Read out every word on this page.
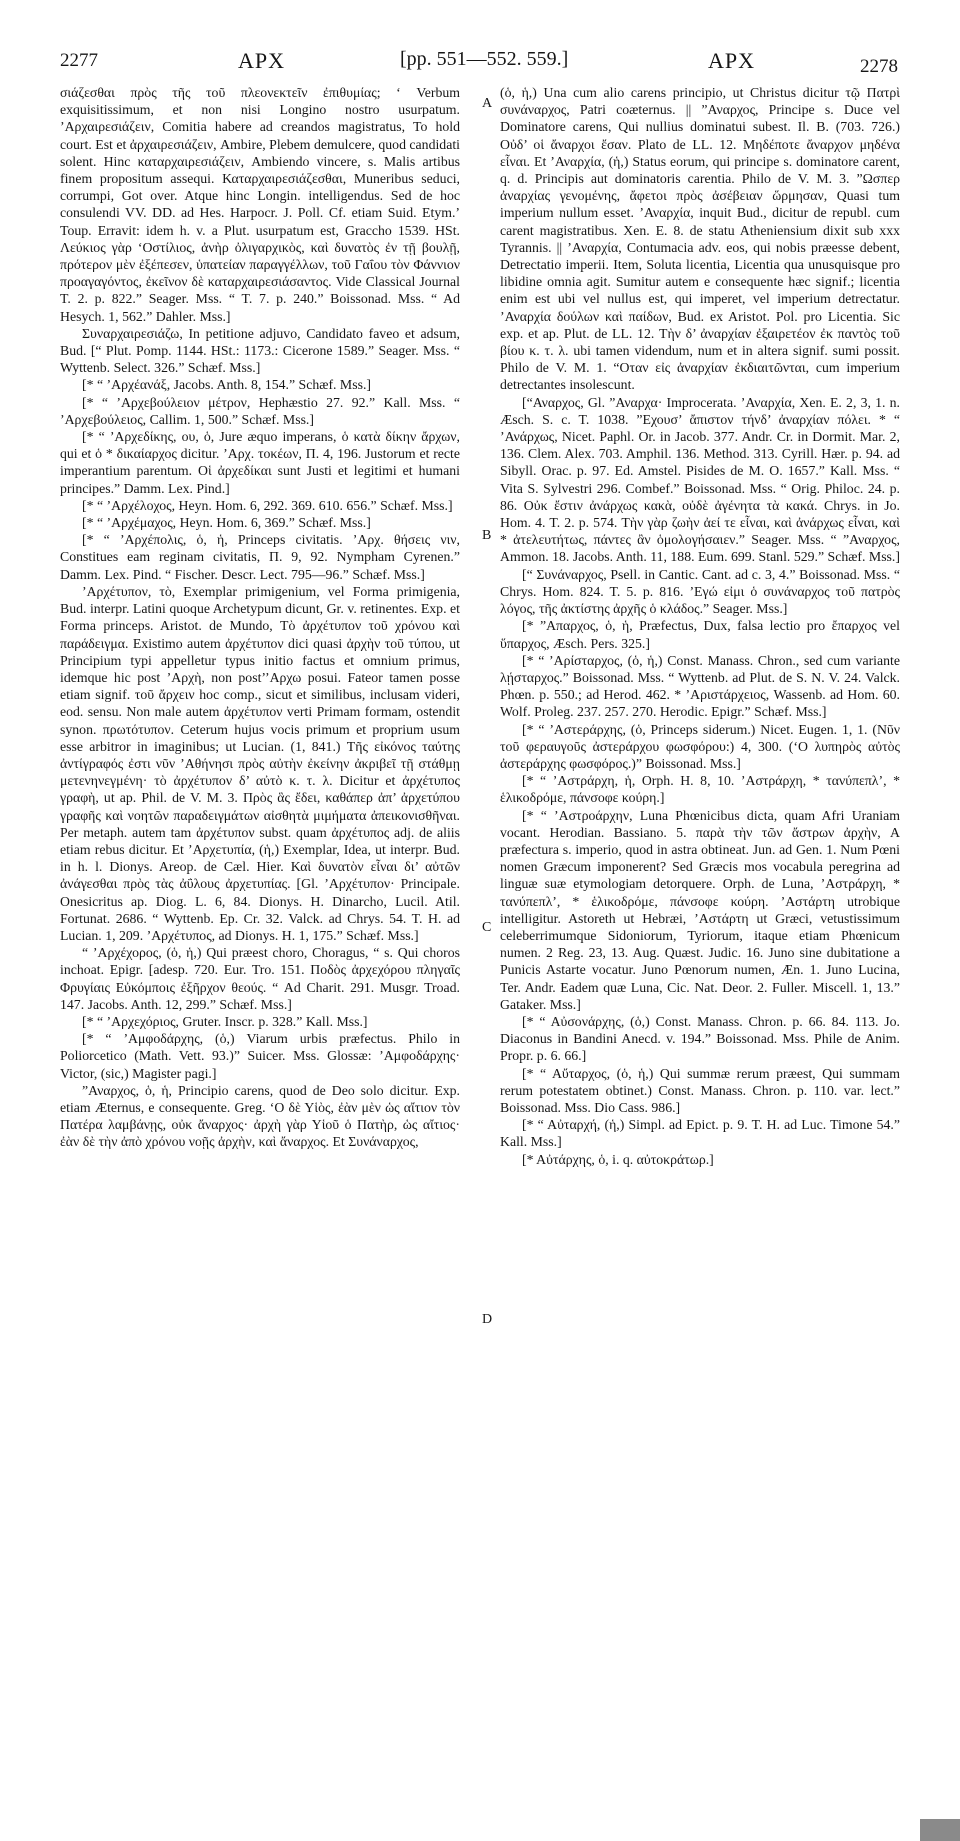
2277	ΑΡΧ	[pp. 551—552. 559.]	ΑΡΧ	2278

σιάζεσθαι πρὸς τῆς τοῦ πλεονεκτεῖν ἐπιθυμίας; ‘ Verbum exquisitissimum, et non nisi Longino nostro usurpatum. ’Αρχαιρεσιάζειν, Comitia habere ad creandos magistratus, To hold court. Est et ἀρχαιρεσιάζειν, Ambire, Plebem demulcere, quod candidati solent. Hinc καταρχαιρεσιάζειν, Ambiendo vincere, s. Malis artibus finem propositum assequi. Καταρχαιρεσιάζεσθαι, Muneribus seduci, corrumpi, Got over. Atque hinc Longin. intelligendus. Sed de hoc consulendi VV. DD. ad Hes. Harpocr. J. Poll. Cf. etiam Suid. Etym.’ Toup. Erravit: idem h. v. a Plut. usurpatum est, Graccho 1539. HSt. Λεύκιος γὰρ ‘Οστίλιος, ἀνὴρ ὀλιγαρχικὸς, καὶ δυνατὸς ἐν τῇ βουλῇ, πρότερον μὲν ἐξέπεσεν, ὑπατείαν παραγγέλλων, τοῦ Γαΐου τὸν Φάννιον προαγαγόντος, ἐκεῖνον δὲ καταρχαιρεσιάσαντος. Vide Classical Journal T. 2. p. 822.” Seager. Mss. “ T. 7. p. 240.” Boissonad. Mss. “ Ad Hesych. 1, 562.” Dahler. Mss.]

Συναρχαιρεσιάζω, In petitione adjuvo, Candidato faveo et adsum, Bud. [“ Plut. Pomp. 1144. HSt.: 1173.: Cicerone 1589.” Seager. Mss. “ Wyttenb. Select. 326.” Schæf. Mss.]

[* “ ’Αρχέανάξ, Jacobs. Anth. 8, 154.” Schæf. Mss.]

[* “ ’Αρχεβούλειον μέτρον, Hephæstio 27. 92.” Kall. Mss. “ ’Αρχεβούλειος, Callim. 1, 500.” Schæf. Mss.]

[* “ ’Αρχεδίκης, ου, ὁ, Jure æquo imperans, ὁ κατὰ δίκην ἄρχων, qui et ὁ * δικαίαρχος dicitur. ’Αρχ. τοκέων, Π. 4, 196. Justorum et recte imperantium parentum. Οἱ ἀρχεδίκαι sunt Justi et legitimi et humani principes.” Damm. Lex. Pind.]

[* “ ’Αρχέλοχος, Heyn. Hom. 6, 292. 369. 610. 656.” Schæf. Mss.]

[* “ ’Αρχέμαχος, Heyn. Hom. 6, 369.” Schæf. Mss.]

[* “ ’Αρχέπολις, ὁ, ἡ, Princeps civitatis. ’Αρχ. θήσεις νιν, Constitues eam reginam civitatis, Π. 9, 92. Nympham Cyrenen.” Damm. Lex. Pind. “ Fischer. Descr. Lect. 795—96.” Schæf. Mss.]

’Αρχέτυπον, τὸ, Exemplar primigenium, vel Forma primigenia, Bud. interpr. Latini quoque Archetypum dicunt, Gr. v. retinentes. Exp. et Forma princeps. Aristot. de Mundo, Τὸ ἀρχέτυπον τοῦ χρόνου καὶ παράδειγμα. Existimo autem ἀρχέτυπον dici quasi ἀρχὴν τοῦ τύπου, ut Principium typi appelletur typus initio factus et omnium primus, idemque hic post ’Αρχὴ, non post’’Αρχω posui. Fateor tamen posse etiam signif. τοῦ ἄρχειν hoc comp., sicut et similibus, inclusam videri, eod. sensu. Non male autem ἀρχέτυπον verti Primam formam, ostendit synon. πρωτότυπον. Ceterum hujus vocis primum et proprium usum esse arbitror in imaginibus; ut Lucian. (1, 841.) Τῆς εἰκόνος ταύτης ἀντίγραφός ἐστι νῦν ’Αθήνησι πρὸς αὐτὴν ἐκείνην ἀκριβεῖ τῇ στάθμῃ μετενηνεγμένη· τὸ ἀρχέτυπον δ’ αὐτὸ κ. τ. λ. Dicitur et ἀρχέτυπος γραφὴ, ut ap. Phil. de V. M. 3. Πρὸς ἃς ἔδει, καθάπερ ἀπ’ ἀρχετύπου γραφῆς καὶ νοητῶν παραδειγμάτων αἰσθητὰ μιμήματα ἀπεικονισθῆναι. Per metaph. autem tam ἀρχέτυπον subst. quam ἀρχέτυπος adj. de aliis etiam rebus dicitur. Et ’Αρχετυπία, (ἡ,) Exemplar, Idea, ut interpr. Bud. in h. l. Dionys. Areop. de Cæl. Hier. Καὶ δυνατὸν εἶναι δι’ αὐτῶν ἀνάγεσθαι πρὸς τὰς ἀΰλους ἀρχετυπίας. [Gl. ’Αρχέτυπον· Principale. Onesicritus ap. Diog. L. 6, 84. Dionys. H. Dinarcho, Lucil. Atil. Fortunat. 2686. “ Wyttenb. Ep. Cr. 32. Valck. ad Chrys. 54. T. H. ad Lucian. 1, 209. ’Αρχέτυπος, ad Dionys. H. 1, 175.” Schæf. Mss.]

“ ’Αρχέχορος, (ὁ, ἡ,) Qui præest choro, Choragus, “ s. Qui choros inchoat. Epigr. [adesp. 720. Eur. Tro. 151. Ποδὸς ἀρχεχόρου πληγαῖς Φρυγίαις Εὐκόμποις ἐξῆρχον θεούς. “ Ad Charit. 291. Musgr. Troad. 147. Jacobs. Anth. 12, 299.” Schæf. Mss.]

[* “ ’Αρχεχόριος, Gruter. Inscr. p. 328.” Kall. Mss.]

[* “ ’Αμφοδάρχης, (ὁ,) Viarum urbis præfectus. Philo in Poliorcetico (Math. Vett. 93.)” Suicer. Mss. Glossæ: ’Αμφοδάρχης· Victor, (sic,) Magister pagi.]

”Αναρχος, ὁ, ἡ, Principio carens, quod de Deo solo dicitur. Exp. etiam Æternus, e consequente. Greg. ‘Ο δὲ Υἱὸς, ἐὰν μὲν ὡς αἴτιον τὸν Πατέρα λαμβάνῃς, οὐκ ἄναρχος· ἀρχὴ γὰρ Υἱοῦ ὁ Πατὴρ, ὡς αἴτιος· ἐὰν δὲ τὴν ἀπὸ χρόνου νοῇς ἀρχὴν, καὶ ἄναρχος. Et Συνάναρχος,

A
B
C
D

(ὁ, ἡ,) Una cum alio carens principio, ut Christus dicitur τῷ Πατρὶ συνάναρχος, Patri coæternus. || ”Αναρχος, Principe s. Duce vel Dominatore carens, Qui nullius dominatui subest. Il. B. (703. 726.) Οὐδ’ οἱ ἄναρχοι ἔσαν. Plato de LL. 12. Μηδέποτε ἄναρχον μηδένα εἶναι. Et ’Αναρχία, (ἡ,) Status eorum, qui principe s. dominatore carent, q. d. Principis aut dominatoris carentia. Philo de V. M. 3. ”Ωσπερ ἀναρχίας γενομένης, ἄφετοι πρὸς ἀσέβειαν ὥρμησαν, Quasi tum imperium nullum esset. ’Αναρχία, inquit Bud., dicitur de republ. cum carent magistratibus. Xen. E. 8. de statu Atheniensium dixit sub xxx Tyrannis. || ’Αναρχία, Contumacia adv. eos, qui nobis præesse debent, Detrectatio imperii. Item, Soluta licentia, Licentia qua unusquisque pro libidine omnia agit. Sumitur autem e consequente hæc signif.; licentia enim est ubi vel nullus est, qui imperet, vel imperium detrectatur. ’Αναρχία δούλων καὶ παίδων, Bud. ex Aristot. Pol. pro Licentia. Sic exp. et ap. Plut. de LL. 12. Τὴν δ’ ἀναρχίαν ἐξαιρετέον ἐκ παντὸς τοῦ βίου κ. τ. λ. ubi tamen videndum, num et in altera signif. sumi possit. Philo de V. M. 1. “Οταν εἰς ἀναρχίαν ἐκδιαιτῶνται, cum imperium detrectantes insolescunt.

[“Αναρχος, Gl. ”Αναρχα· Improcerata. ’Αναρχία, Xen. E. 2, 3, 1. n. Æsch. S. c. T. 1038. ”Εχουσ’ ἄπιστον τήνδ’ ἀναρχίαν πόλει. * “ ’Ανάρχως, Nicet. Paphl. Or. in Jacob. 377. Andr. Cr. in Dormit. Mar. 2, 136. Clem. Alex. 703. Amphil. 136. Method. 313. Cyrill. Hær. p. 94. ad Sibyll. Orac. p. 97. Ed. Amstel. Pisides de M. O. 1657.” Kall. Mss. “ Vita S. Sylvestri 296. Combef.” Boissonad. Mss. “ Orig. Philoc. 24. p. 86. Οὐκ ἔστιν ἀνάρχως κακὰ, οὐδὲ ἀγένητα τὰ κακά. Chrys. in Jo. Hom. 4. T. 2. p. 574. Τὴν γὰρ ζωὴν ἀεί τε εἶναι, καὶ ἀνάρχως εἶναι, καὶ * ἀτελευτήτως, πάντες ἂν ὁμολογήσαιεν.” Seager. Mss. “ ”Αναρχος, Ammon. 18. Jacobs. Anth. 11, 188. Eum. 699. Stanl. 529.” Schæf. Mss.]

[“ Συνάναρχος, Psell. in Cantic. Cant. ad c. 3, 4.” Boissonad. Mss. “ Chrys. Hom. 824. T. 5. p. 816. ’Εγώ εἰμι ὁ συνάναρχος τοῦ πατρὸς λόγος, τῆς ἀκτίστης ἀρχῆς ὁ κλάδος.” Seager. Mss.]

[* ”Απαρχος, ὁ, ἡ, Præfectus, Dux, falsa lectio pro ἔπαρχος vel ὕπαρχος, Æsch. Pers. 325.]

[* “ ’Αρίσταρχος, (ὁ, ἡ,) Const. Manass. Chron., sed cum variante λῄσταρχος.” Boissonad. Mss. “ Wyttenb. ad Plut. de S. N. V. 24. Valck. Phœn. p. 550.; ad Herod. 462. * ’Αριστάρχειος, Wassenb. ad Hom. 60. Wolf. Proleg. 237. 257. 270. Herodic. Epigr.” Schæf. Mss.]

[* “ ’Αστεράρχης, (ὁ, Princeps siderum.) Nicet. Eugen. 1, 1. (Νῦν τοῦ φεραυγοῦς ἀστεράρχου φωσφόρου:) 4, 300. (‘Ο λυπηρὸς αὐτὸς ἀστεράρχης φωσφόρος.)” Boissonad. Mss.]

[* “ ’Αστράρχη, ἡ, Orph. H. 8, 10. ’Αστράρχη, * τανύπεπλ’, * ἑλικοδρόμε, πάνσοφε κούρη.]

[* “ ’Αστροάρχην, Luna Phœnicibus dicta, quam Afri Uraniam vocant. Herodian. Bassiano. 5. παρὰ τὴν τῶν ἄστρων ἀρχὴν, A præfectura s. imperio, quod in astra obtineat. Jun. ad Gen. 1. Num Pœni nomen Græcum imponerent? Sed Græcis mos vocabula peregrina ad linguæ suæ etymologiam detorquere. Orph. de Luna, ’Αστράρχη, * τανύπεπλ’, * ἑλικοδρόμε, πάνσοφε κούρη. ’Αστάρτη utrobique intelligitur. Astoreth ut Hebræi, ’Αστάρτη ut Græci, vetustissimum celeberrimumque Sidoniorum, Tyriorum, itaque etiam Phœnicum numen. 2 Reg. 23, 13. Aug. Quæst. Judic. 16. Juno sine dubitatione a Punicis Astarte vocatur. Juno Pœnorum numen, Æn. 1. Juno Lucina, Ter. Andr. Eadem quæ Luna, Cic. Nat. Deor. 2. Fuller. Miscell. 1, 13.” Gataker. Mss.]

[* “ Αὐσονάρχης, (ὁ,) Const. Manass. Chron. p. 66. 84. 113. Jo. Diaconus in Bandini Anecd. v. 194.” Boissonad. Mss. Phile de Anim. Propr. p. 6. 66.]

[* “ Αὔταρχος, (ὁ, ἡ,) Qui summæ rerum præest, Qui summam rerum potestatem obtinet.) Const. Manass. Chron. p. 110. var. lect.” Boissonad. Mss. Dio Cass. 986.]

[* “ Αὐταρχή, (ἡ,) Simpl. ad Epict. p. 9. T. H. ad Luc. Timone 54.” Kall. Mss.]

[* Αὐτάρχης, ὁ, i. q. αὐτοκράτωρ.]
